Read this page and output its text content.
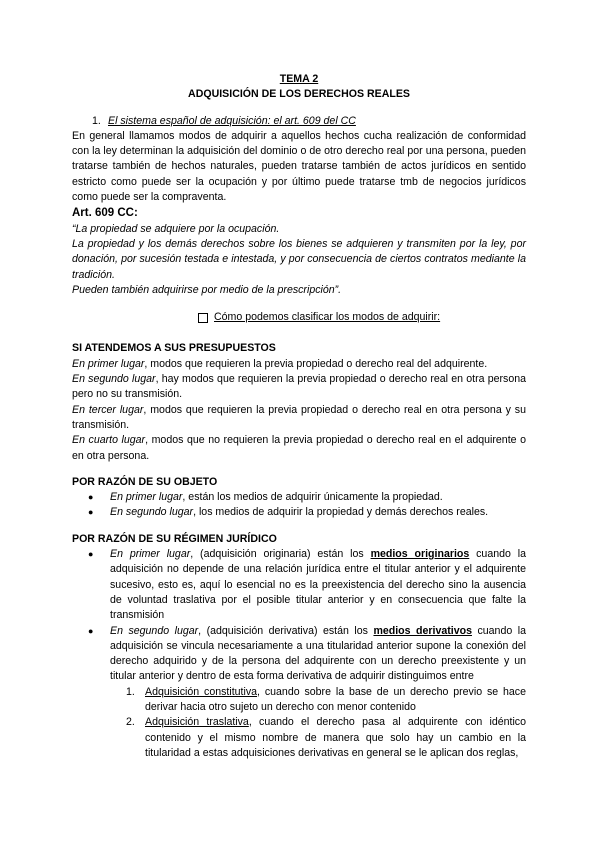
TEMA 2
ADQUISICIÓN DE LOS DERECHOS REALES
1. El sistema español de adquisición: el art. 609 del CC
En general llamamos modos de adquirir a aquellos hechos cucha realización de conformidad con la ley determinan la adquisición del dominio o de otro derecho real por una persona, pueden tratarse también de hechos naturales, pueden tratarse también de actos jurídicos en sentido estricto como puede ser la ocupación y por último puede tratarse tmb de negocios jurídicos como puede ser la compraventa.
Art. 609 CC:
“La propiedad se adquiere por la ocupación.
La propiedad y los demás derechos sobre los bienes se adquieren y transmiten por la ley, por donación, por sucesión testada e intestada, y por consecuencia de ciertos contratos mediante la tradición.
Pueden también adquirirse por medio de la prescripción”.
Cómo podemos clasificar los modos de adquirir:
SI ATENDEMOS A SUS PRESUPUESTOS
En primer lugar, modos que requieren la previa propiedad o derecho real del adquirente.
En segundo lugar, hay modos que requieren la previa propiedad o derecho real en otra persona pero no su transmisión.
En tercer lugar, modos que requieren la previa propiedad o derecho real en otra persona y su transmisión.
En cuarto lugar, modos que no requieren la previa propiedad o derecho real en el adquirente o en otra persona.
POR RAZÓN DE SU OBJETO
●	En primer lugar, están los medios de adquirir únicamente la propiedad.
●	En segundo lugar, los medios de adquirir la propiedad y demás derechos reales.
POR RAZÓN DE SU RÉGIMEN JURÍDICO
●	En primer lugar, (adquisición originaria) están los medios originarios cuando la adquisición no depende de una relación jurídica entre el titular anterior y el adquirente sucesivo, esto es, aquí lo esencial no es la preexistencia del derecho sino la ausencia de voluntad traslativa por el posible titular anterior y en consecuencia que falte la transmisión
●	En segundo lugar, (adquisición derivativa) están los medios derivativos cuando la adquisición se vincula necesariamente a una titularidad anterior supone la conexión del derecho adquirido y de la persona del adquirente con un derecho preexistente y un titular anterior y dentro de esta forma derivativa de adquirir distinguimos entre
1. Adquisición constitutiva, cuando sobre la base de un derecho previo se hace derivar hacia otro sujeto un derecho con menor contenido
2. Adquisición traslativa, cuando el derecho pasa al adquirente con idéntico contenido y el mismo nombre de manera que solo hay un cambio en la titularidad a estas adquisiciones derivativas en general se le aplican dos reglas,
